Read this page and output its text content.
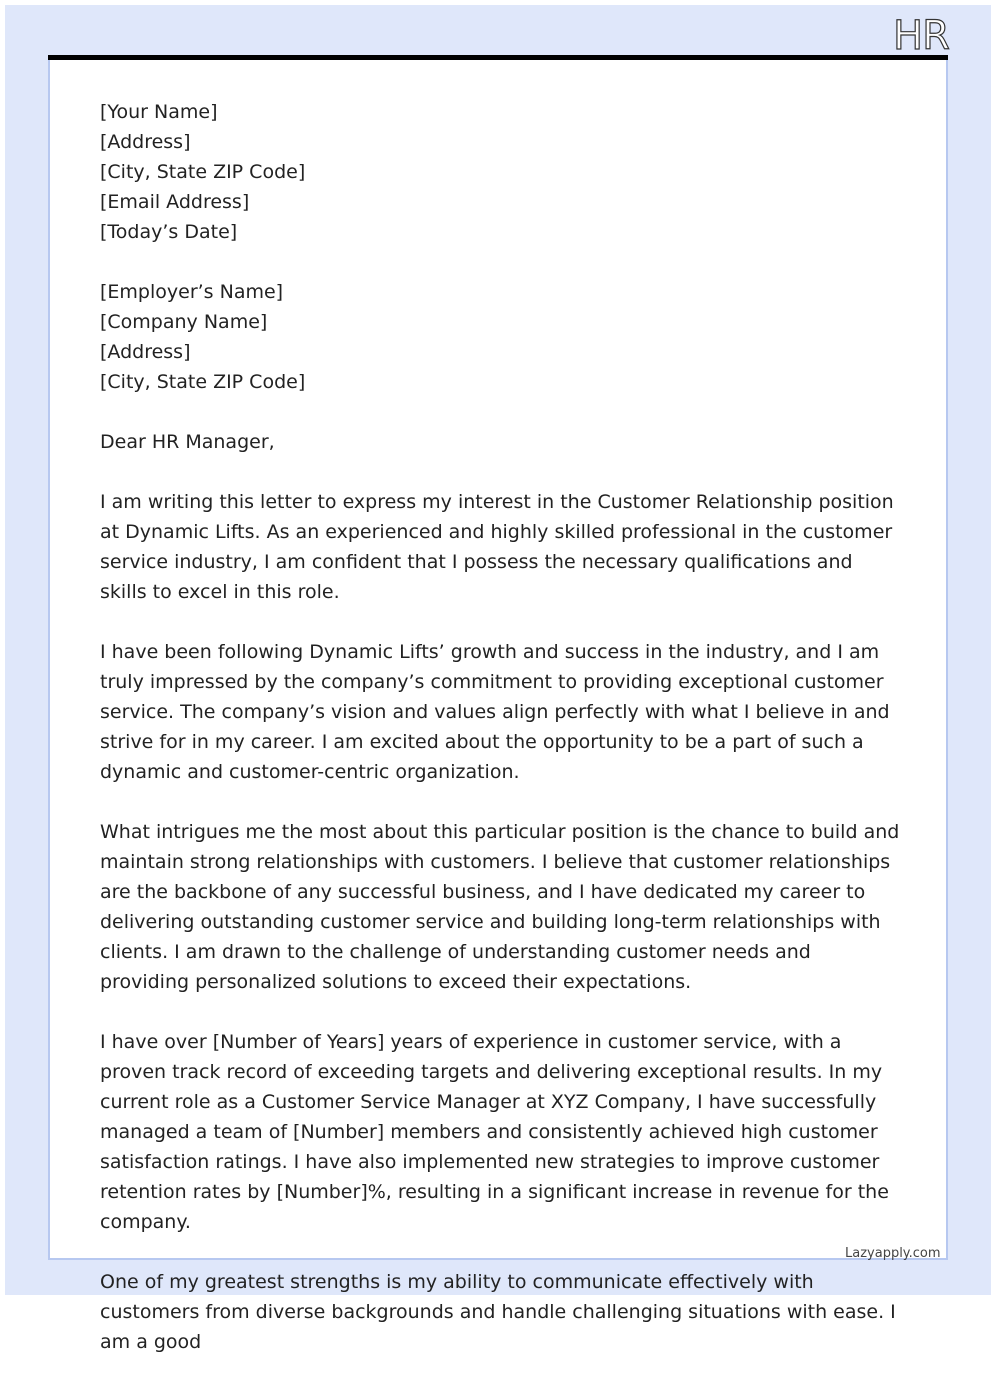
HR
[Your Name]
[Address]
[City, State ZIP Code]
[Email Address]
[Today’s Date]
[Employer’s Name]
[Company Name]
[Address]
[City, State ZIP Code]

Dear HR Manager,

I am writing this letter to express my interest in the Customer Relationship position at Dynamic Lifts. As an experienced and highly skilled professional in the customer service industry, I am confident that I possess the necessary qualifications and skills to excel in this role.

I have been following Dynamic Lifts’ growth and success in the industry, and I am truly impressed by the company’s commitment to providing exceptional customer service. The company’s vision and values align perfectly with what I believe in and strive for in my career. I am excited about the opportunity to be a part of such a dynamic and customer-centric organization.

What intrigues me the most about this particular position is the chance to build and maintain strong relationships with customers. I believe that customer relationships are the backbone of any successful business, and I have dedicated my career to delivering outstanding customer service and building long-term relationships with clients. I am drawn to the challenge of understanding customer needs and providing personalized solutions to exceed their expectations.

I have over [Number of Years] years of experience in customer service, with a proven track record of exceeding targets and delivering exceptional results. In my current role as a Customer Service Manager at XYZ Company, I have successfully managed a team of [Number] members and consistently achieved high customer satisfaction ratings. I have also implemented new strategies to improve customer retention rates by [Number]%, resulting in a significant increase in revenue for the company.

One of my greatest strengths is my ability to communicate effectively with customers from diverse backgrounds and handle challenging situations with ease. I am a good

Lazyapply.com
